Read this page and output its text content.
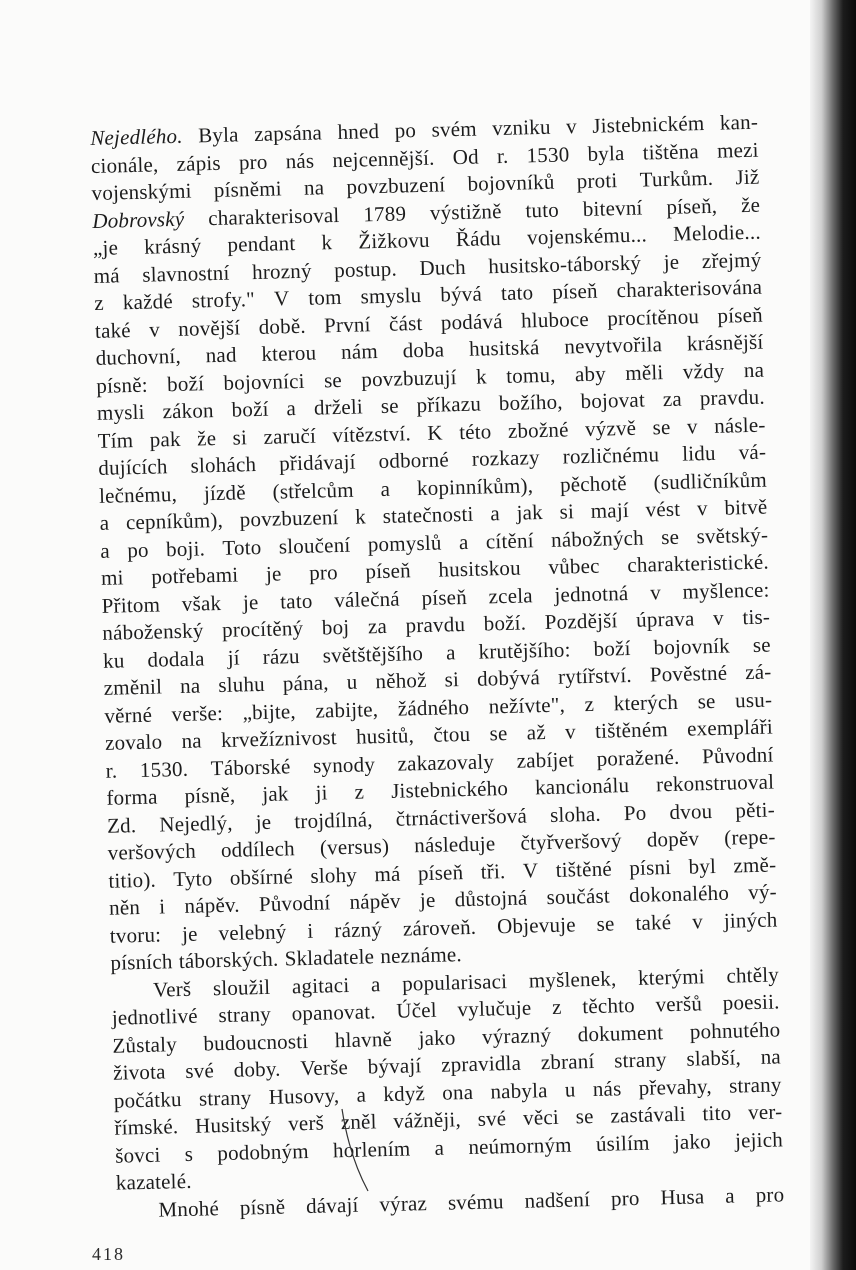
Nejedlého. Byla zapsána hned po svém vzniku v Jistebnickém kan-
cionále, zápis pro nás nejcennější. Od r. 1530 byla tištěna mezi
vojenskými písněmi na povzbuzení bojovníků proti Turkům. Již
Dobrovský charakterisoval 1789 výstižně tuto bitevní píseň, že
„je krásný pendant k Žižkovu Řádu vojenskému... Melodie...
má slavnostní hrozný postup. Duch husitsko-táborský je zřejmý
z každé strofy." V tom smyslu bývá tato píseň charakterisována
také v novější době. První část podává hluboce procítěnou píseň
duchovní, nad kterou nám doba husitská nevytvořila krásnější
písně: boží bojovníci se povzbuzují k tomu, aby měli vždy na
mysli zákon boží a drželi se příkazu božího, bojovat za pravdu.
Tím pak že si zaručí vítězství. K této zbožné výzvě se v násle-
dujících slohách přidávají odborné rozkazy rozličnému lidu vá-
lečnému, jízdě (střelcům a kopinníkům), pěchotě (sudličníkům
a cepníkům), povzbuzení k statečnosti a jak si mají vést v bitvě
a po boji. Toto sloučení pomyslů a cítění nábožných se světský-
mi potřebami je pro píseň husitskou vůbec charakteristické.
Přitom však je tato válečná píseň zcela jednotná v myšlence:
náboženský procítěný boj za pravdu boží. Pozdější úprava v tis-
ku dodala jí rázu světštějšího a krutějšího: boží bojovník se
změnil na sluhu pána, u něhož si dobývá rytířství. Pověstné zá-
věrné verše: „bijte, zabijte, žádného nežívte", z kterých se usu-
zovalo na krvežíznivost husitů, čtou se až v tištěném exempláři
r. 1530. Táborské synody zakazovaly zabíjet poražené. Původní
forma písně, jak ji z Jistebnického kancionálu rekonstruoval
Zd. Nejedlý, je trojdílná, čtrnáctiveršová sloha. Po dvou pěti-
veršových oddílech (versus) následuje čtyřveršový dopěv (repe-
titio). Tyto obšírné slohy má píseň tři. V tištěné písni byl změ-
něn i nápěv. Původní nápěv je důstojná součást dokonalého vý-
tvoru: je velebný i rázný zároveň. Objevuje se také v jiných
písních táborských. Skladatele neznáme.
Verš sloužil agitaci a popularisaci myšlenek, kterými chtěly
jednotlivé strany opanovat. Účel vylučuje z těchto veršů poesii.
Zůstaly budoucnosti hlavně jako výrazný dokument pohnutého
života své doby. Verše bývají zpravidla zbraní strany slabší, na
počátku strany Husovy, a když ona nabyla u nás převahy, strany
římské. Husitský verš zněl vážněji, své věci se zastávali tito ver-
šovci s podobným horlením a neúmorným úsilím jako jejich
kazatelé.
Mnohé písně dávají výraz svému nadšení pro Husa a pro
418
